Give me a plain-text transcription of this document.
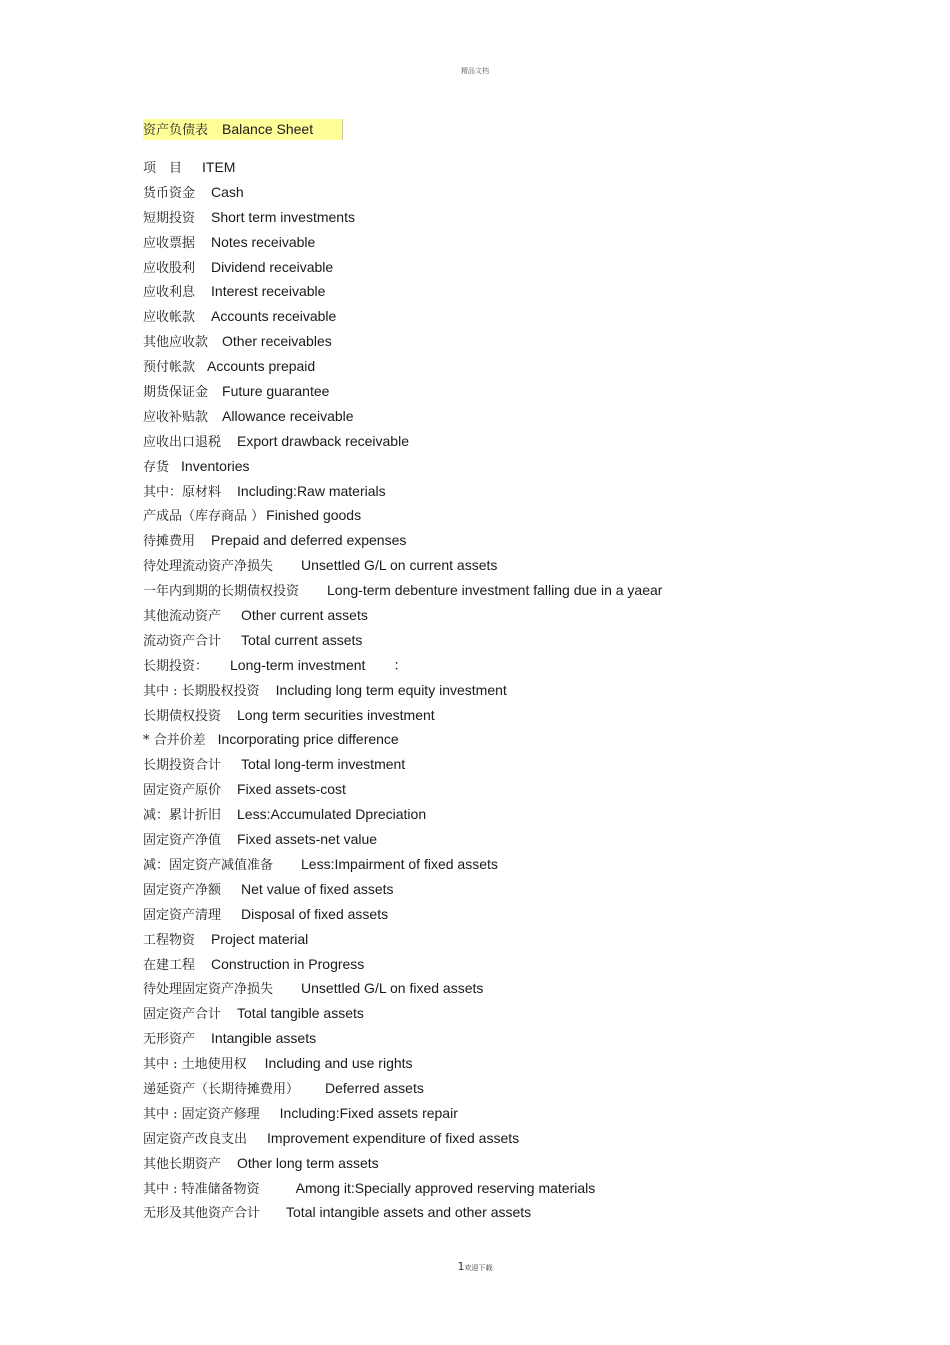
精品文档
资产负债表 Balance Sheet
项　目 ITEM
货币资金 Cash
短期投资 Short term investments
应收票据 Notes receivable
应收股利 Dividend receivable
应收利息 Interest receivable
应收帐款 Accounts receivable
其他应收款 Other receivables
预付帐款 Accounts prepaid
期货保证金 Future guarantee
应收补贴款 Allowance receivable
应收出口退税 Export drawback receivable
存货 Inventories
其中：原材料 Including:Raw materials
产成品（库存商品 ） Finished goods
待摊费用 Prepaid and deferred expenses
待处理流动资产净损失 Unsettled G/L on current assets
一年内到期的长期债权投资 Long-term debenture investment falling due in a yaear
其他流动资产 Other current assets
流动资产合计 Total current assets
长期投资： Long-term investment　　：
其中 : 长期股权投资 Including long term equity investment
长期债权投资 Long term securities investment
* 合并价差 Incorporating price difference
长期投资合计 Total long-term investment
固定资产原价 Fixed assets-cost
减：累计折旧 Less:Accumulated Dpreciation
固定资产净值 Fixed assets-net value
减：固定资产减值准备 Less:Impairment of fixed assets
固定资产净额 Net value of fixed assets
固定资产清理 Disposal of fixed assets
工程物资 Project material
在建工程 Construction in Progress
待处理固定资产净损失 Unsettled G/L on fixed assets
固定资产合计 Total tangible assets
无形资产 Intangible assets
其中 : 土地使用权 Including and use rights
递延资产（长期待摊费用） Deferred assets
其中 : 固定资产修理 Including:Fixed assets repair
固定资产改良支出 Improvement expenditure of fixed assets
其他长期资产 Other long term assets
其中 : 特准储备物资	Among it:Specially approved reserving materials
无形及其他资产合计 Total intangible assets and other assets
1欢迎下载
